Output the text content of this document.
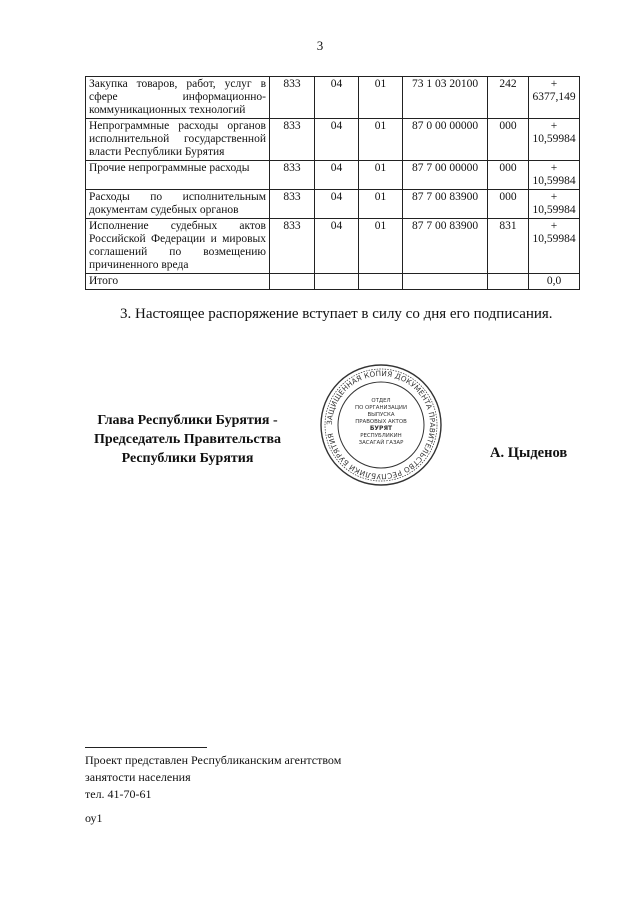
3
Закупка товаров, работ, услуг в сфере информационно-коммуникационных технологий	833	04	01	73 1 03 20100	242	+ 6377,149
Непрограммные расходы органов исполнительной государственной власти Республики Бурятия	833	04	01	87 0 00 00000	000	+ 10,59984
Прочие непрограммные расходы	833	04	01	87 7 00 00000	000	+ 10,59984
Расходы по исполнительным документам судебных органов	833	04	01	87 7 00 83900	000	+ 10,59984
Исполнение судебных актов Российской Федерации и мировых соглашений по возмещению причиненного вреда	833	04	01	87 7 00 83900	831	+ 10,59984
Итого						0,0
3. Настоящее распоряжение вступает в силу со дня его подписания.
Глава Республики Бурятия -
Председатель Правительства
Республики Бурятия
ЗАЩИЩЕННАЯ КОПИЯ ДОКУМЕНТА ПРАВИТЕЛЬСТВО РЕСПУБЛИКИ БУРЯТИЯ
ОТДЕЛ
ПО ОРГАНИЗАЦИИ
ВЫПУСКА
ПРАВОВЫХ АКТОВ
БУРЯТ
РЕСПУБЛИКИН
ЗАСАГАЙ ГАЗАР
А. Цыденов
Проект представлен Республиканским агентством
занятости населения
тел. 41-70-61
оу1
